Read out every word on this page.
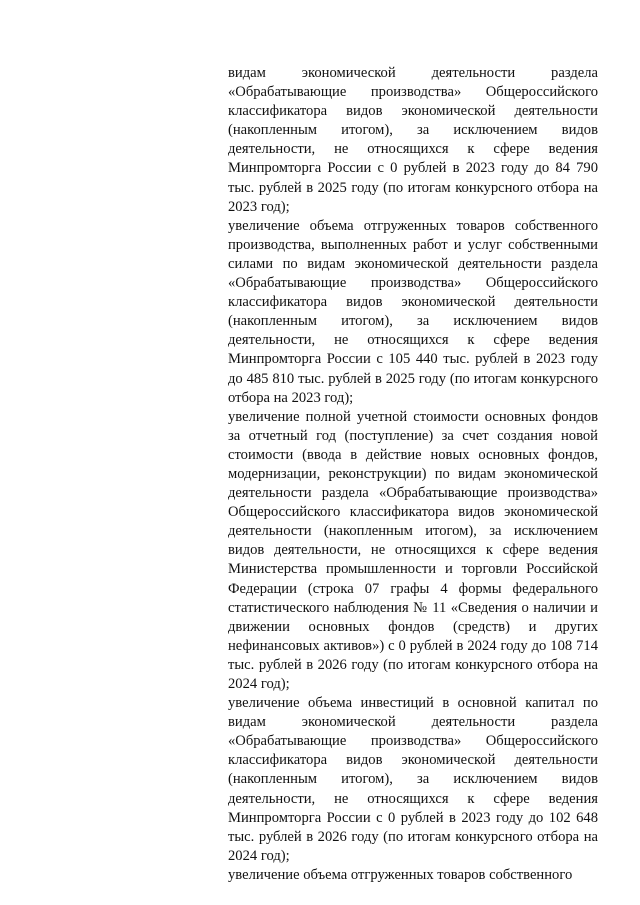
видам экономической деятельности раздела «Обрабатывающие производства» Общероссийского классификатора видов экономической деятельности (накопленным итогом), за исключением видов деятельности, не относящихся к сфере ведения Минпромторга России с 0 рублей в 2023 году до 84 790 тыс. рублей в 2025 году (по итогам конкурсного отбора на 2023 год);

увеличение объема отгруженных товаров собственного производства, выполненных работ и услуг собственными силами по видам экономической деятельности раздела «Обрабатывающие производства» Общероссийского классификатора видов экономической деятельности (накопленным итогом), за исключением видов деятельности, не относящихся к сфере ведения Минпромторга России с 105 440 тыс. рублей в 2023 году до 485 810 тыс. рублей в 2025 году (по итогам конкурсного отбора на 2023 год);

увеличение полной учетной стоимости основных фондов за отчетный год (поступление) за счет создания новой стоимости (ввода в действие новых основных фондов, модернизации, реконструкции) по видам экономической деятельности раздела «Обрабатывающие производства» Общероссийского классификатора видов экономической деятельности (накопленным итогом), за исключением видов деятельности, не относящихся к сфере ведения Министерства промышленности и торговли Российской Федерации (строка 07 графы 4 формы федерального статистического наблюдения № 11 «Сведения о наличии и движении основных фондов (средств) и других нефинансовых активов») с 0 рублей в 2024 году до 108 714 тыс. рублей в 2026 году (по итогам конкурсного отбора на 2024 год);

увеличение объема инвестиций в основной капитал по видам экономической деятельности раздела «Обрабатывающие производства» Общероссийского классификатора видов экономической деятельности (накопленным итогом), за исключением видов деятельности, не относящихся к сфере ведения Минпромторга России с 0 рублей в 2023 году до 102 648 тыс. рублей в 2026 году (по итогам конкурсного отбора на 2024 год);

увеличение объема отгруженных товаров собственного
